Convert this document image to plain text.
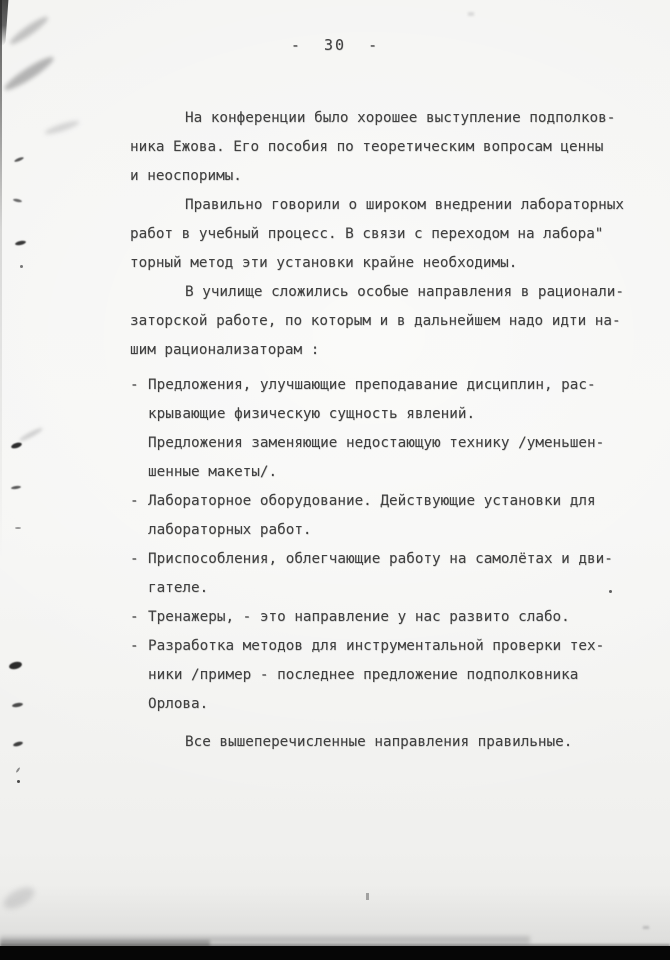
-  30  -
На конференции было хорошее выступление подполков-
ника Ежова. Его пособия по теоретическим вопросам ценны
и неоспоримы.
Правильно говорили о широком внедрении лабораторных
работ в учебный процесс. В связи с переходом на лабора"
торный метод эти установки крайне необходимы.
В училище сложились особые направления в рационали-
заторской работе, по которым и в дальнейшем надо идти на-
шим рационализаторам :
- Предложения, улучшающие преподавание дисциплин, рас-
крывающие физическую сущность явлений.
Предложения заменяющие недостающую технику /уменьшен-
шенные макеты/.
- Лабораторное оборудование. Действующие установки для
лабораторных работ.
- Приспособления, облегчающие работу на самолётах и дви-
гателе.
- Тренажеры, - это направление у нас развито слабо.
- Разработка методов для инструментальной проверки тех-
ники /пример - последнее предложение подполковника
Орлова.
Все вышеперечисленные направления правильные.
